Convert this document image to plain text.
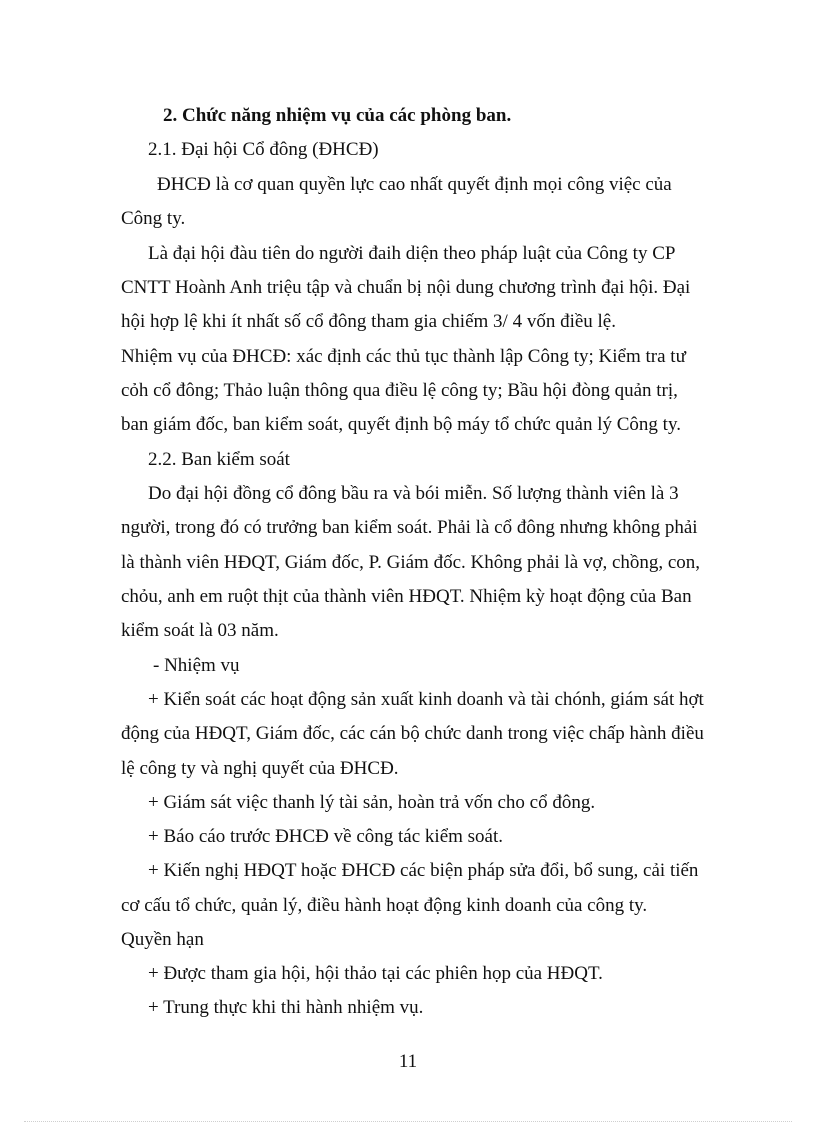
2. Chức năng nhiệm vụ của các phòng ban.
2.1. Đại hội Cổ đông (ĐHCĐ)
ĐHCĐ là cơ quan quyền lực cao nhất quyết định mọi công việc của
Công ty.
Là đại hội đàu tiên do người đaih diện theo pháp luật của Công ty CP
CNTT Hoành Anh triệu tập và chuẩn bị nội dung chương trình đại hội. Đại
hội hợp lệ khi ít nhất số cổ đông tham gia chiếm 3/ 4 vốn điều lệ.
Nhiệm vụ của ĐHCĐ: xác định các thủ tục thành lập Công ty; Kiểm tra tư
cỏh cổ đông; Thảo luận thông qua điều lệ công ty; Bầu hội đòng quản trị,
ban giám đốc, ban kiểm soát, quyết định bộ máy tổ chức quản lý Công ty.
2.2. Ban kiểm soát
Do đại hội đồng cổ đông bầu ra và bói miễn. Số lượng thành viên là 3
người, trong đó có trưởng ban kiểm soát. Phải là cổ đông nhưng không phải
là thành viên HĐQT, Giám đốc, P. Giám đốc. Không phải là vợ, chồng, con,
chỏu, anh em ruột thịt của thành viên HĐQT. Nhiệm kỳ hoạt động của Ban
kiểm soát là 03 năm.
- Nhiệm vụ
+ Kiển soát các hoạt động sản xuất kinh doanh và tài chónh, giám sát hợt
động của HĐQT, Giám đốc, các cán bộ chức danh trong việc chấp hành điều
lệ công ty và nghị quyết của ĐHCĐ.
+ Giám sát việc thanh lý tài sản, hoàn trả vốn cho cổ đông.
+ Báo cáo trước ĐHCĐ về công tác kiểm soát.
+ Kiến nghị HĐQT hoặc ĐHCĐ các biện pháp sửa đổi, bổ sung, cải tiến
cơ cấu tổ chức, quản lý, điều hành hoạt động kinh doanh của công ty.
Quyền hạn
+ Được tham gia hội, hội thảo tại các phiên họp của HĐQT.
+ Trung thực khi thi hành nhiệm vụ.
11
